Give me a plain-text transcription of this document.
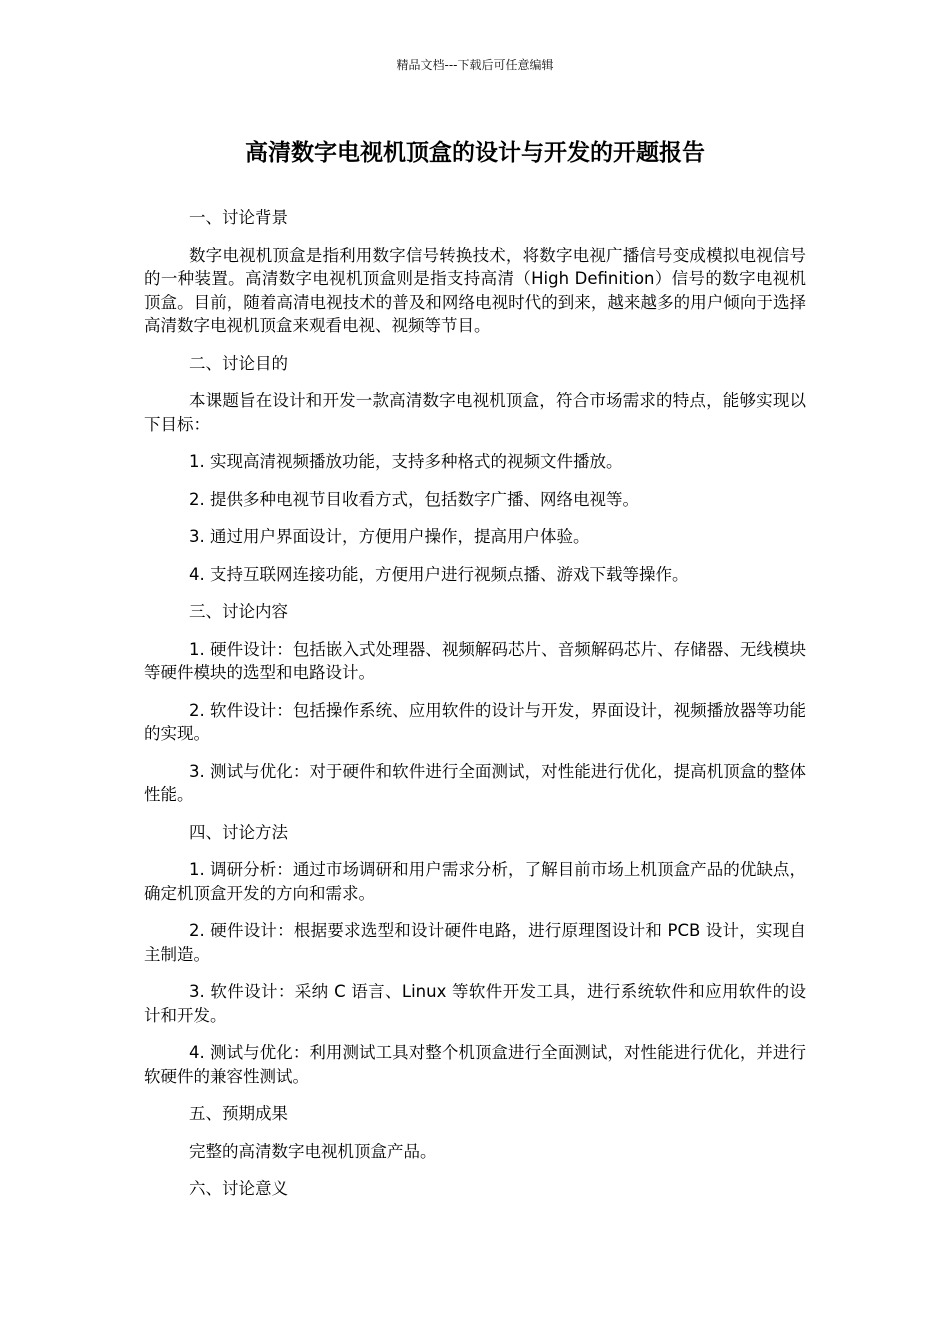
精品文档---下载后可任意编辑
高清数字电视机顶盒的设计与开发的开题报告

一、讨论背景

数字电视机顶盒是指利用数字信号转换技术，将数字电视广播信号变成模拟电视信号的一种装置。高清数字电视机顶盒则是指支持高清（High Definition）信号的数字电视机顶盒。目前，随着高清电视技术的普及和网络电视时代的到来，越来越多的用户倾向于选择高清数字电视机顶盒来观看电视、视频等节目。

二、讨论目的

本课题旨在设计和开发一款高清数字电视机顶盒，符合市场需求的特点，能够实现以下目标：

1. 实现高清视频播放功能，支持多种格式的视频文件播放。

2. 提供多种电视节目收看方式，包括数字广播、网络电视等。

3. 通过用户界面设计，方便用户操作，提高用户体验。

4. 支持互联网连接功能，方便用户进行视频点播、游戏下载等操作。

三、讨论内容

1. 硬件设计：包括嵌入式处理器、视频解码芯片、音频解码芯片、存储器、无线模块等硬件模块的选型和电路设计。

2. 软件设计：包括操作系统、应用软件的设计与开发，界面设计，视频播放器等功能的实现。

3. 测试与优化：对于硬件和软件进行全面测试，对性能进行优化，提高机顶盒的整体性能。

四、讨论方法

1. 调研分析：通过市场调研和用户需求分析，了解目前市场上机顶盒产品的优缺点，确定机顶盒开发的方向和需求。

2. 硬件设计：根据要求选型和设计硬件电路，进行原理图设计和 PCB 设计，实现自主制造。

3. 软件设计：采纳 C 语言、Linux 等软件开发工具，进行系统软件和应用软件的设计和开发。

4. 测试与优化：利用测试工具对整个机顶盒进行全面测试，对性能进行优化，并进行软硬件的兼容性测试。

五、预期成果

完整的高清数字电视机顶盒产品。

六、讨论意义
